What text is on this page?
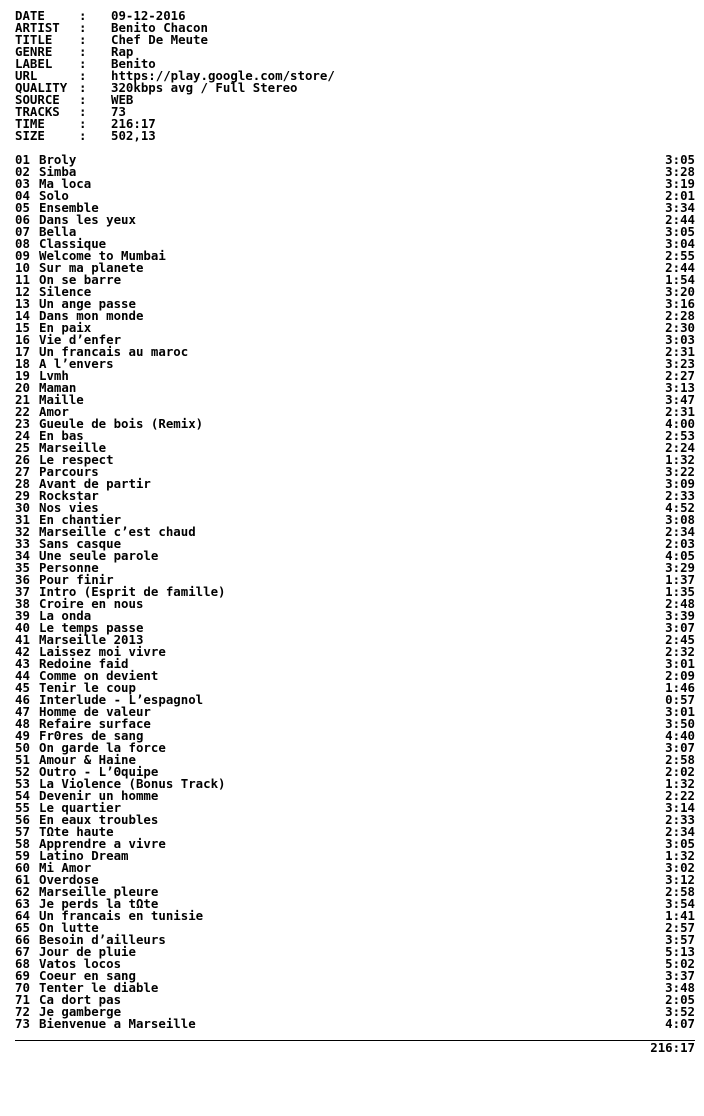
DATE	:	09-12-2016
ARTIST	:	Benito Chacon
TITLE	:	Chef De Meute
GENRE	:	Rap
LABEL	:	Benito
URL	:	https://play.google.com/store/
QUALITY :	320kbps avg / Full Stereo
SOURCE	:	WEB
TRACKS	:	73
TIME	:	216:17
SIZE	:	502,13
01 Broly	3:05
02 Simba	3:28
03 Ma loca	3:19
04 Solo	2:01
05 Ensemble	3:34
06 Dans les yeux	2:44
07 Bella	3:05
08 Classique	3:04
09 Welcome to Mumbai	2:55
10 Sur ma planete	2:44
11 On se barre	1:54
12 Silence	3:20
13 Un ange passe	3:16
14 Dans mon monde	2:28
15 En paix	2:30
16 Vie d’enfer	3:03
17 Un francais au maroc	2:31
18 A l’envers	3:23
19 Lvmh	2:27
20 Maman	3:13
21 Maille	3:47
22 Amor	2:31
23 Gueule de bois (Remix)	4:00
24 En bas	2:53
25 Marseille	2:24
26 Le respect	1:32
27 Parcours	3:22
28 Avant de partir	3:09
29 Rockstar	2:33
30 Nos vies	4:52
31 En chantier	3:08
32 Marseille c’est chaud	2:34
33 Sans casque	2:03
34 Une seule parole	4:05
35 Personne	3:29
36 Pour finir	1:37
37 Intro (Esprit de famille)	1:35
38 Croire en nous	2:48
39 La onda	3:39
40 Le temps passe	3:07
41 Marseille 2013	2:45
42 Laissez moi vivre	2:32
43 Redoine faid	3:01
44 Comme on devient	2:09
45 Tenir le coup	1:46
46 Interlude - L’espagnol	0:57
47 Homme de valeur	3:01
48 Refaire surface	3:50
49 FrΘres de sang	4:40
50 On garde la force	3:07
51 Amour & Haine	2:58
52 Outro - L’Θquipe	2:02
53 La Violence (Bonus Track)	1:32
54 Devenir un homme	2:22
55 Le quartier	3:14
56 En eaux troubles	2:33
57 TΩte haute	2:34
58 Apprendre a vivre	3:05
59 Latino Dream	1:32
60 Mi Amor	3:02
61 Overdose	3:12
62 Marseille pleure	2:58
63 Je perds la tΩte	3:54
64 Un francais en tunisie	1:41
65 On lutte	2:57
66 Besoin d’ailleurs	3:57
67 Jour de pluie	5:13
68 Vatos locos	5:02
69 Coeur en sang	3:37
70 Tenter le diable	3:48
71 Ca dort pas	2:05
72 Je gamberge	3:52
73 Bienvenue a Marseille	4:07
216:17
